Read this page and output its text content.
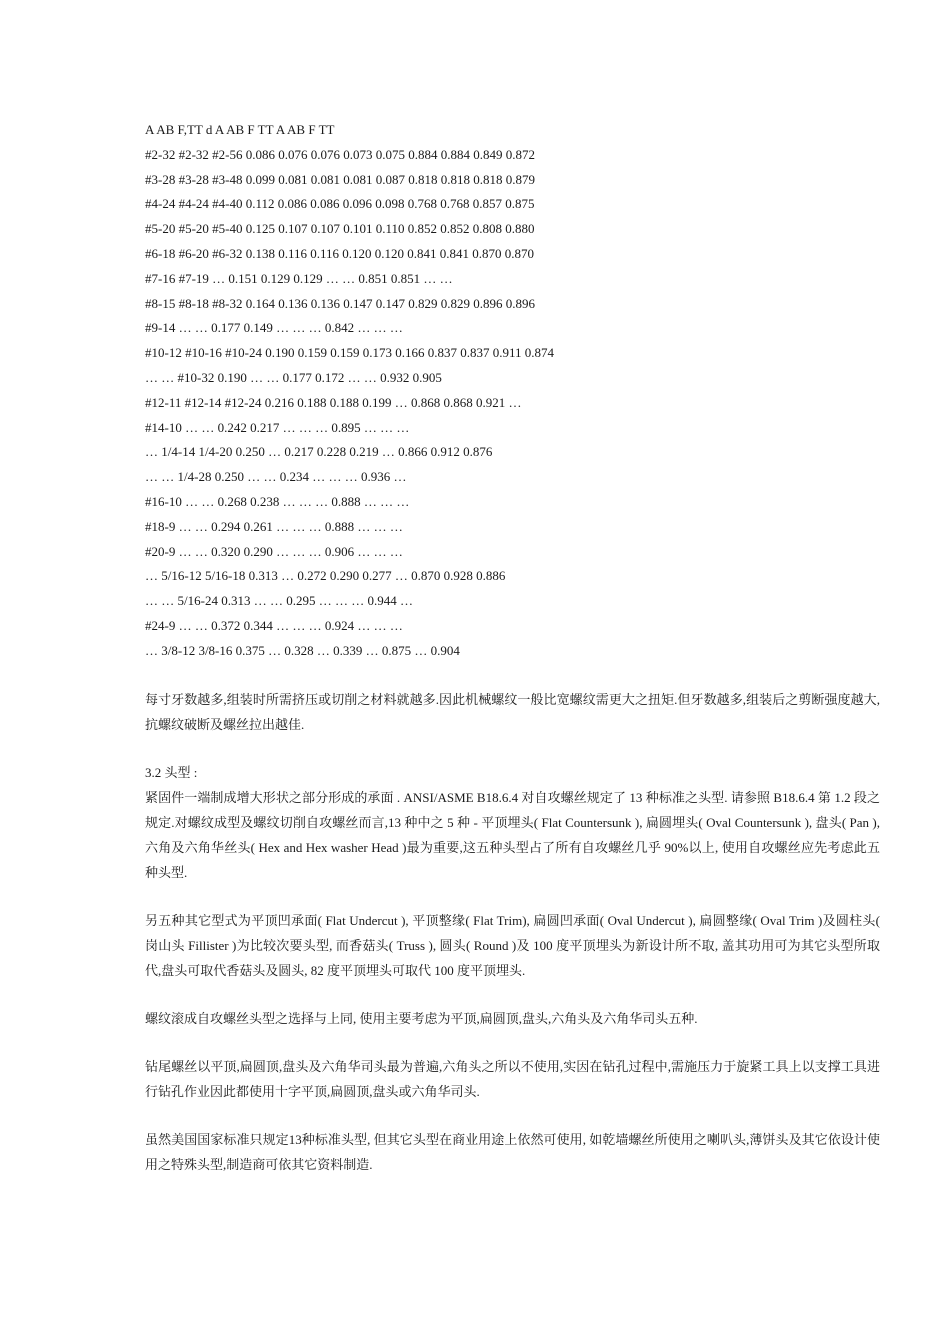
A AB F,TT d A AB F TT A AB F TT
#2-32 #2-32 #2-56 0.086 0.076 0.076 0.073 0.075 0.884 0.884 0.849 0.872
#3-28 #3-28 #3-48 0.099 0.081 0.081 0.081 0.087 0.818 0.818 0.818 0.879
#4-24 #4-24 #4-40 0.112 0.086 0.086 0.096 0.098 0.768 0.768 0.857 0.875
#5-20 #5-20 #5-40 0.125 0.107 0.107 0.101 0.110 0.852 0.852 0.808 0.880
#6-18 #6-20 #6-32 0.138 0.116 0.116 0.120 0.120 0.841 0.841 0.870 0.870
#7-16 #7-19 … 0.151 0.129 0.129 … … 0.851 0.851 … …
#8-15 #8-18 #8-32 0.164 0.136 0.136 0.147 0.147 0.829 0.829 0.896 0.896
#9-14 … … 0.177 0.149 … … … 0.842 … … …
#10-12 #10-16 #10-24 0.190 0.159 0.159 0.173 0.166 0.837 0.837 0.911 0.874
… … #10-32 0.190 … … 0.177 0.172 … … 0.932 0.905
#12-11 #12-14 #12-24 0.216 0.188 0.188 0.199 … 0.868 0.868 0.921 …
#14-10 … … 0.242 0.217 … … … 0.895 … … …
… 1/4-14 1/4-20 0.250 … 0.217 0.228 0.219 … 0.866 0.912 0.876
… … 1/4-28 0.250 … … 0.234 … … … 0.936 …
#16-10 … … 0.268 0.238 … … … 0.888 … … …
#18-9 … … 0.294 0.261 … … … 0.888 … … …
#20-9 … … 0.320 0.290 … … … 0.906 … … …
… 5/16-12 5/16-18 0.313 … 0.272 0.290 0.277 … 0.870 0.928 0.886
… … 5/16-24 0.313 … … 0.295 … … … 0.944 …
#24-9 … … 0.372 0.344 … … … 0.924 … … …
… 3/8-12 3/8-16 0.375 … 0.328 … 0.339 … 0.875 … 0.904

每寸牙数越多,组装时所需挤压或切削之材料就越多.因此机械螺纹一般比宽螺纹需更大之扭矩.但牙数越多,组装后之剪断强度越大,抗螺纹破断及螺丝拉出越佳.

3.2 头型 :

紧固件一端制成增大形状之部分形成的承面 . ANSI/ASME B18.6.4 对自攻螺丝规定了 13 种标准之头型. 请参照 B18.6.4 第 1.2 段之规定.对螺纹成型及螺纹切削自攻螺丝而言,13 种中之 5 种 - 平顶埋头( Flat Countersunk ), 扁圆埋头( Oval Countersunk ), 盘头( Pan ), 六角及六角华丝头( Hex and Hex washer Head )最为重要,这五种头型占了所有自攻螺丝几乎 90%以上, 使用自攻螺丝应先考虑此五种头型.

另五种其它型式为平顶凹承面( Flat Undercut ), 平顶整缘( Flat Trim), 扁圆凹承面( Oval Undercut ), 扁圆整缘( Oval Trim )及圆柱头( 岗山头 Fillister )为比较次要头型, 而香菇头( Truss ), 圆头( Round )及 100 度平顶埋头为新设计所不取, 盖其功用可为其它头型所取代,盘头可取代香菇头及圆头, 82 度平顶埋头可取代 100 度平顶埋头.

螺纹滚成自攻螺丝头型之选择与上同, 使用主要考虑为平顶,扁圆顶,盘头,六角头及六角华司头五种.

钻尾螺丝以平顶,扁圆顶,盘头及六角华司头最为普遍,六角头之所以不使用,实因在钻孔过程中,需施压力于旋紧工具上以支撑工具进行钻孔作业因此都使用十字平顶,扁圆顶,盘头或六角华司头.

虽然美国国家标准只规定13种标准头型, 但其它头型在商业用途上依然可使用, 如乾墙螺丝所使用之喇叭头,薄饼头及其它依设计使用之特殊头型,制造商可依其它资料制造.
